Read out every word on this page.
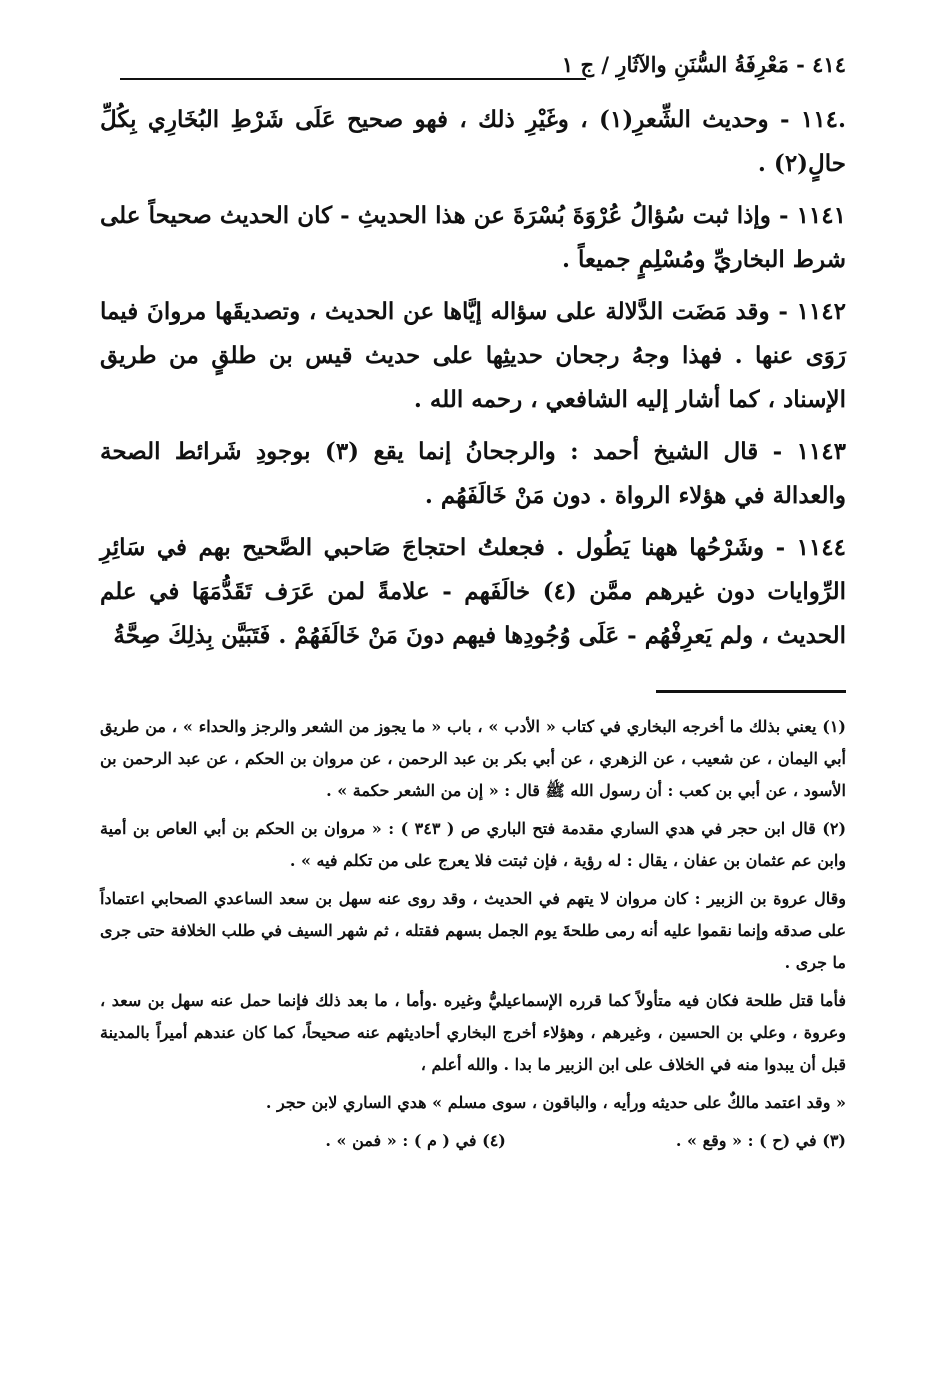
٤١٤ - مَعْرِفَةُ السُّنَنِ والآثَارِ / ج ١

.١١٤ - وحديث الشِّعرِ(١) ، وغَيْرِ ذلك ، فهو صحيح عَلَى شَرْطِ البُخَارِي بِكُلِّ حالٍ(٢) .

١١٤١ - وإذا ثبت سُؤالُ عُرْوَةَ بُسْرَةَ عن هذا الحديثِ - كان الحديث صحيحاً على شرط البخاريِّ ومُسْلِمٍ جميعاً .

١١٤٢ - وقد مَضَت الدَّلالة على سؤاله إيَّاها عن الحديث ، وتصديقَها مروانَ فيما رَوَى عنها . فهذا وجهُ رجحان حديثِها على حديث قيس بن طلقٍ من طريق الإسناد ، كما أشار إليه الشافعي ، رحمه الله .

١١٤٣ - قال الشيخ أحمد : والرجحانُ إنما يقع (٣) بوجودِ شَرائط الصحة والعدالة في هؤلاء الرواة . دون مَنْ خَالَفَهُم .

١١٤٤ - وشَرْحُها ههنا يَطُول . فجعلتُ احتجاجَ صَاحبي الصَّحيح بهم في سَائِرِ الرِّوايات دون غيرهم ممَّن (٤) خالَفَهم - علامةً لمن عَرَف تَقَدُّمَهَا في علم الحديث ، ولم يَعرِفْهُم - عَلَى وُجُودِها فيهم دونَ مَنْ خَالَفَهُمْ . فَتَبَيَّن بِذلِكَ صِحَّةُ

(١) يعني بذلك ما أخرجه البخاري في كتاب « الأدب » ، باب « ما يجوز من الشعر والرجز والحداء » ، من طريق أبي اليمان ، عن شعيب ، عن الزهري ، عن أبي بكر بن عبد الرحمن ، عن مروان بن الحكم ، عن عبد الرحمن بن الأسود ، عن أبي بن كعب : أن رسول الله ﷺ قال : « إن من الشعر حكمة » .

(٢) قال ابن حجر في هدي الساري مقدمة فتح الباري ص ( ٣٤٣ ) : « مروان بن الحكم بن أبي العاص بن أمية وابن عم عثمان بن عفان ، يقال : له رؤية ، فإن ثبتت فلا يعرج على من تكلم فيه » .

وقال عروة بن الزبير : كان مروان لا يتهم في الحديث ، وقد روى عنه سهل بن سعد الساعدي الصحابي اعتماداً على صدقه وإنما نقموا عليه أنه رمى طلحةَ يوم الجمل بسهم فقتله ، ثم شهر السيف في طلب الخلافة حتى جرى ما جرى .

فأما قتل طلحة فكان فيه متأولاً كما قرره الإسماعيليُّ وغيره .وأما ، ما بعد ذلك فإنما حمل عنه سهل بن سعد ، وعروة ، وعلي بن الحسين ، وغيرهم ، وهؤلاء أخرج البخاري أحاديثهم عنه صحيحاً، كما كان عندهم أميراً بالمدينة قبل أن يبدوا منه في الخلاف على ابن الزبير ما بدا . والله أعلم ،

« وقد اعتمد مالكٌ على حديثه ورأيه ، والباقون ، سوى مسلم » هدي الساري لابن حجر .

(٣) في (ح ) : « وقع » .
(٤) في ( م ) : « فمن » .
